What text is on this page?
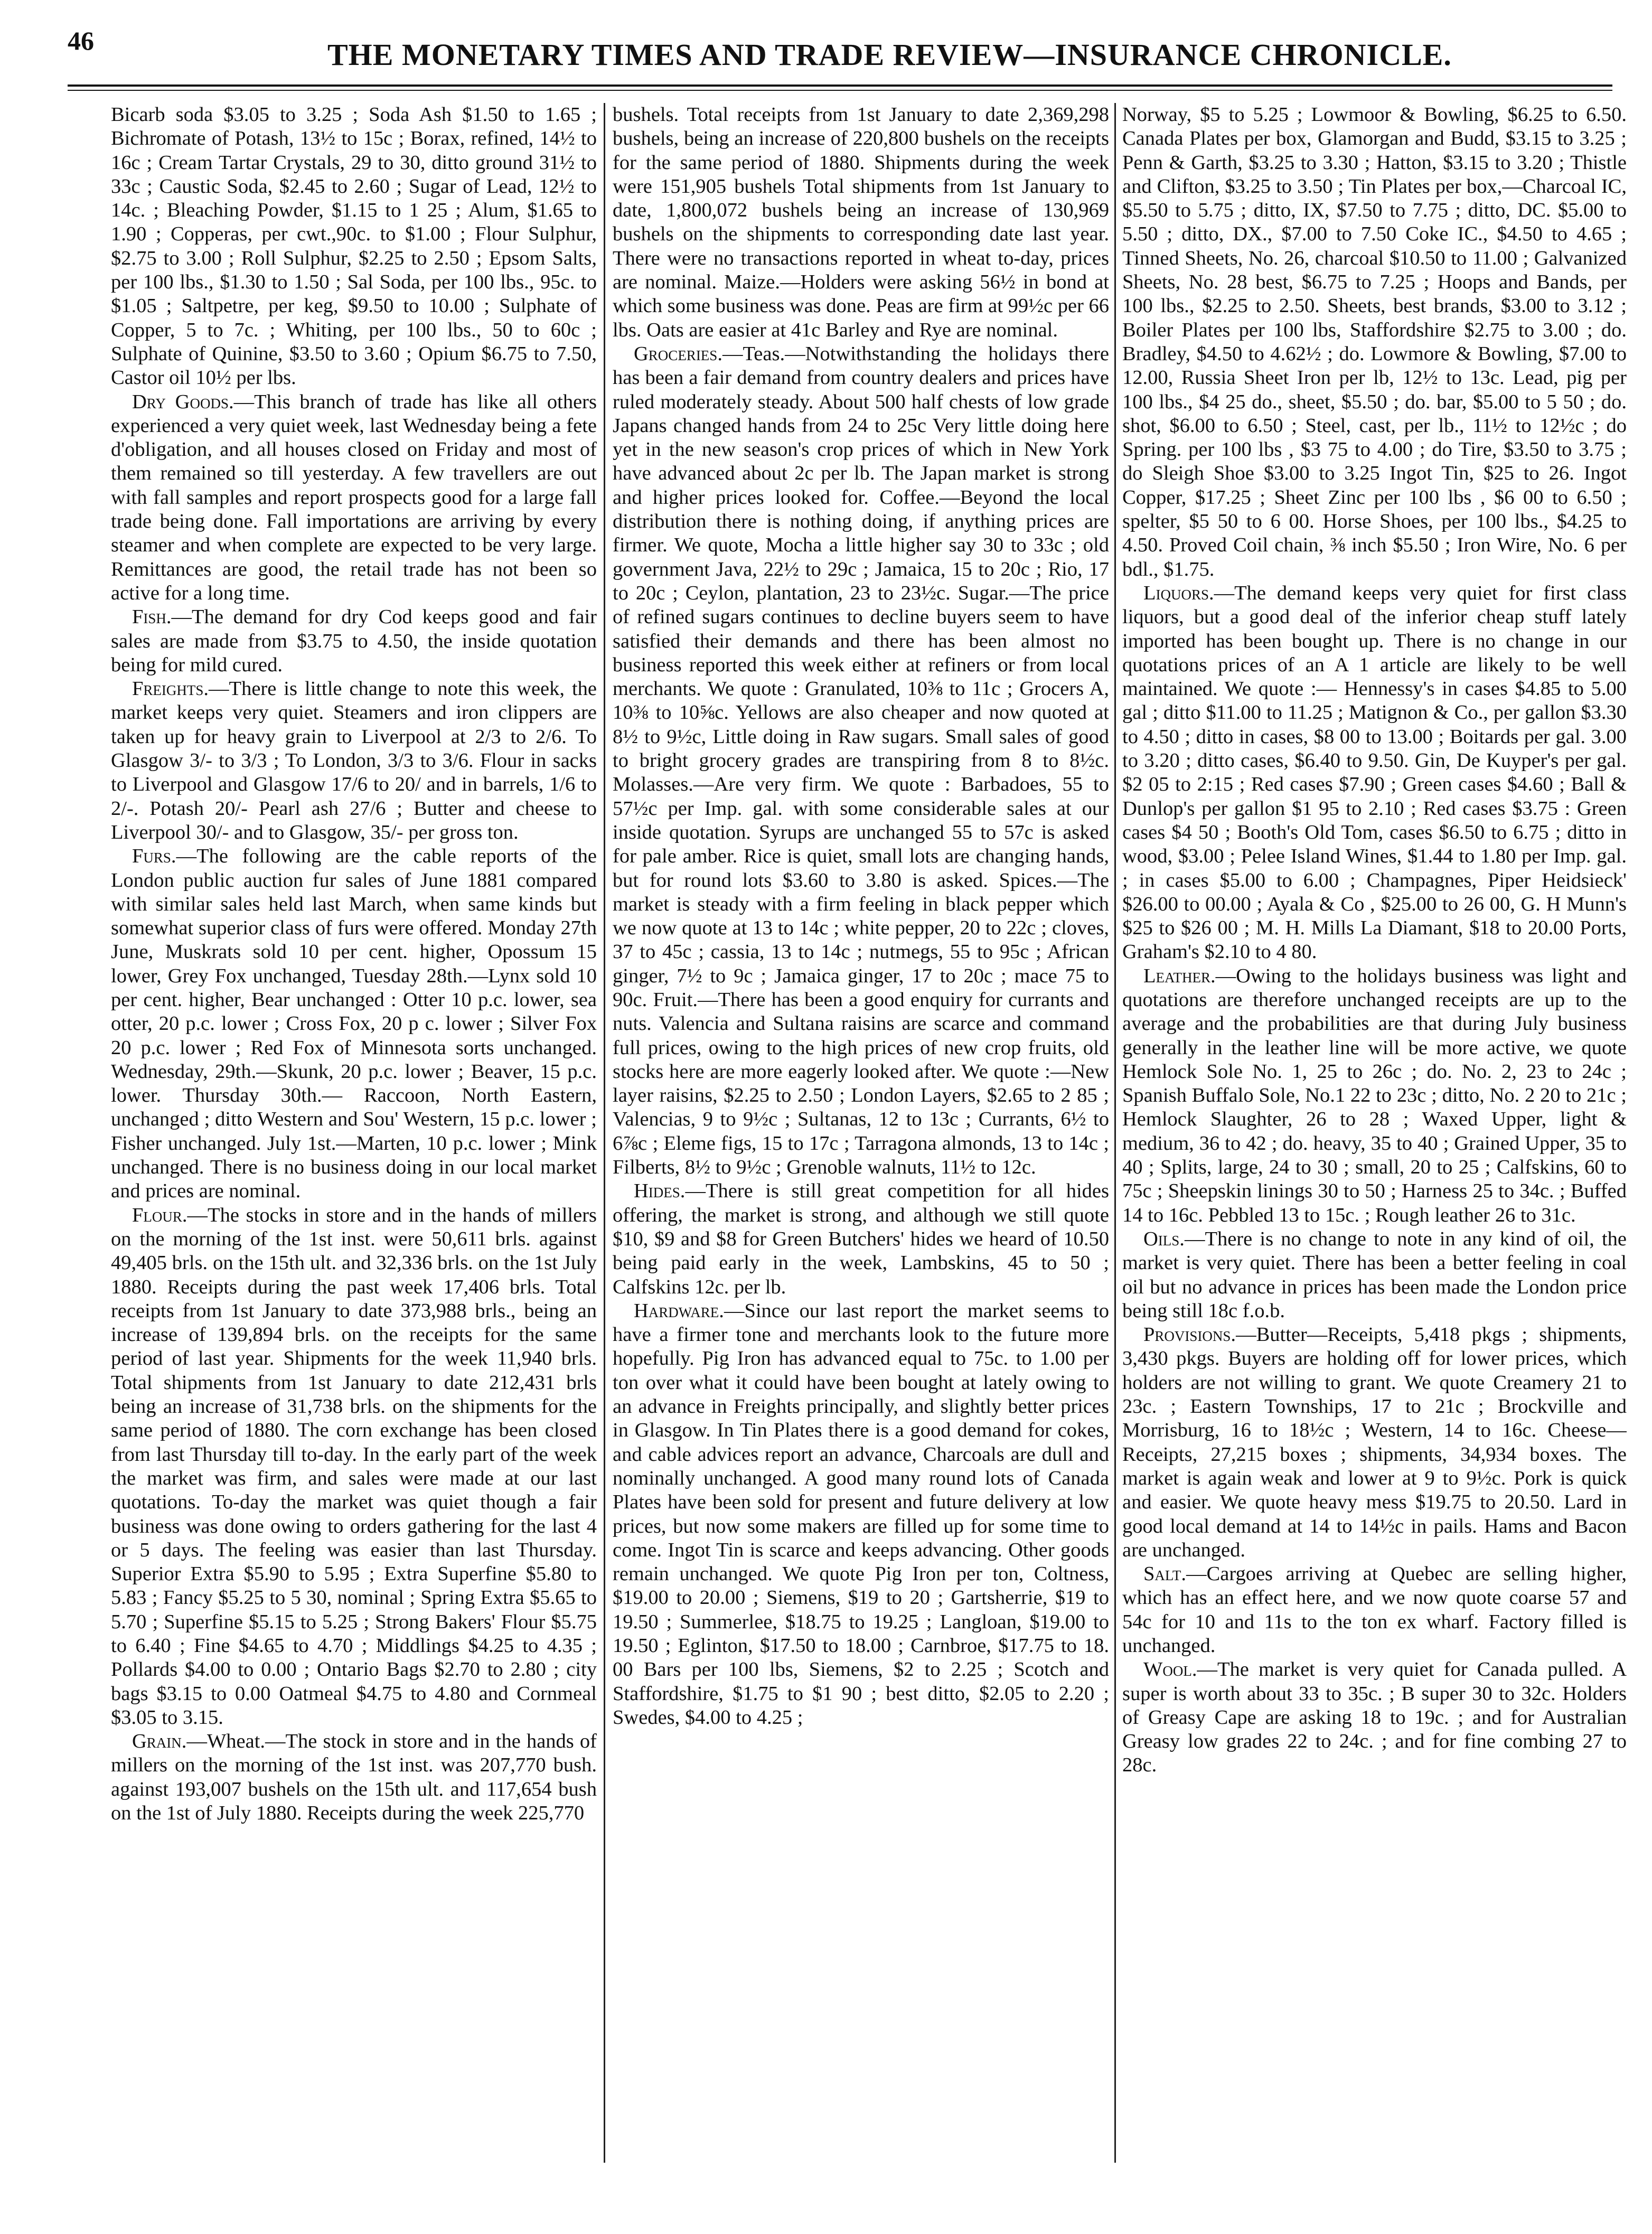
46	THE MONETARY TIMES AND TRADE REVIEW—INSURANCE CHRONICLE.

Bicarb soda $3.05 to 3.25 ; Soda Ash $1.50 to 1.65 ; Bichromate of Potash, 13½ to 15c ; Borax, refined, 14½ to 16c ; Cream Tartar Crystals, 29 to 30, ditto ground 31½ to 33c ; Caustic Soda, $2.45 to 2.60 ; Sugar of Lead, 12½ to 14c. ; Bleaching Powder, $1.15 to 1 25 ; Alum, $1.65 to 1.90 ; Copperas, per cwt.,90c. to $1.00 ; Flour Sulphur, $2.75 to 3.00 ; Roll Sulphur, $2.25 to 2.50 ; Epsom Salts, per 100 lbs., $1.30 to 1.50 ; Sal Soda, per 100 lbs., 95c. to $1.05 ; Saltpetre, per keg, $9.50 to 10.00 ; Sulphate of Copper, 5 to 7c. ; Whiting, per 100 lbs., 50 to 60c ; Sulphate of Quinine, $3.50 to 3.60 ; Opium $6.75 to 7.50, Castor oil 10½ per lbs.

Dry Goods.—This branch of trade has like all others experienced a very quiet week, last Wednesday being a fete d'obligation, and all houses closed on Friday and most of them remained so till yesterday. A few travellers are out with fall samples and report prospects good for a large fall trade being done. Fall importations are arriving by every steamer and when complete are expected to be very large. Remittances are good, the retail trade has not been so active for a long time.

Fish.—The demand for dry Cod keeps good and fair sales are made from $3.75 to 4.50, the inside quotation being for mild cured.

Freights.—There is little change to note this week, the market keeps very quiet. Steamers and iron clippers are taken up for heavy grain to Liverpool at 2/3 to 2/6. To Glasgow 3/- to 3/3 ; To London, 3/3 to 3/6. Flour in sacks to Liverpool and Glasgow 17/6 to 20/ and in barrels, 1/6 to 2/-. Potash 20/- Pearl ash 27/6 ; Butter and cheese to Liverpool 30/- and to Glasgow, 35/- per gross ton.

Furs.—The following are the cable reports of the London public auction fur sales of June 1881 compared with similar sales held last March, when same kinds but somewhat superior class of furs were offered. Monday 27th June, Muskrats sold 10 per cent. higher, Opossum 15 lower, Grey Fox unchanged, Tuesday 28th.—Lynx sold 10 per cent. higher, Bear unchanged : Otter 10 p.c. lower, sea otter, 20 p.c. lower ; Cross Fox, 20 p c. lower ; Silver Fox 20 p.c. lower ; Red Fox of Minnesota sorts unchanged. Wednesday, 29th.—Skunk, 20 p.c. lower ; Beaver, 15 p.c. lower. Thursday 30th.— Raccoon, North Eastern, unchanged ; ditto Western and Sou' Western, 15 p.c. lower ; Fisher unchanged. July 1st.—Marten, 10 p.c. lower ; Mink unchanged. There is no business doing in our local market and prices are nominal.

Flour.—The stocks in store and in the hands of millers on the morning of the 1st inst. were 50,611 brls. against 49,405 brls. on the 15th ult. and 32,336 brls. on the 1st July 1880. Receipts during the past week 17,406 brls. Total receipts from 1st January to date 373,988 brls., being an increase of 139,894 brls. on the receipts for the same period of last year. Shipments for the week 11,940 brls. Total shipments from 1st January to date 212,431 brls being an increase of 31,738 brls. on the shipments for the same period of 1880. The corn exchange has been closed from last Thursday till to-day. In the early part of the week the market was firm, and sales were made at our last quotations. To-day the market was quiet though a fair business was done owing to orders gathering for the last 4 or 5 days. The feeling was easier than last Thursday. Superior Extra $5.90 to 5.95 ; Extra Superfine $5.80 to 5.83 ; Fancy $5.25 to 5 30, nominal ; Spring Extra $5.65 to 5.70 ; Superfine $5.15 to 5.25 ; Strong Bakers' Flour $5.75 to 6.40 ; Fine $4.65 to 4.70 ; Middlings $4.25 to 4.35 ; Pollards $4.00 to 0.00 ; Ontario Bags $2.70 to 2.80 ; city bags $3.15 to 0.00 Oatmeal $4.75 to 4.80 and Cornmeal $3.05 to 3.15.

Grain.—Wheat.—The stock in store and in the hands of millers on the morning of the 1st inst. was 207,770 bush. against 193,007 bushels on the 15th ult. and 117,654 bush on the 1st of July 1880. Receipts during the week 225,770

bushels. Total receipts from 1st January to date 2,369,298 bushels, being an increase of 220,800 bushels on the receipts for the same period of 1880. Shipments during the week were 151,905 bushels Total shipments from 1st January to date, 1,800,072 bushels being an increase of 130,969 bushels on the shipments to corresponding date last year. There were no transactions reported in wheat to-day, prices are nominal. Maize.—Holders were asking 56½ in bond at which some business was done. Peas are firm at 99½c per 66 lbs. Oats are easier at 41c Barley and Rye are nominal.

Groceries.—Teas.—Notwithstanding the holidays there has been a fair demand from country dealers and prices have ruled moderately steady. About 500 half chests of low grade Japans changed hands from 24 to 25c Very little doing here yet in the new season's crop prices of which in New York have advanced about 2c per lb. The Japan market is strong and higher prices looked for. Coffee.—Beyond the local distribution there is nothing doing, if anything prices are firmer. We quote, Mocha a little higher say 30 to 33c ; old government Java, 22½ to 29c ; Jamaica, 15 to 20c ; Rio, 17 to 20c ; Ceylon, plantation, 23 to 23½c. Sugar.—The price of refined sugars continues to decline buyers seem to have satisfied their demands and there has been almost no business reported this week either at refiners or from local merchants. We quote : Granulated, 10⅜ to 11c ; Grocers A, 10⅜ to 10⅝c. Yellows are also cheaper and now quoted at 8½ to 9½c, Little doing in Raw sugars. Small sales of good to bright grocery grades are transpiring from 8 to 8½c. Molasses.—Are very firm. We quote : Barbadoes, 55 to 57½c per Imp. gal. with some considerable sales at our inside quotation. Syrups are unchanged 55 to 57c is asked for pale amber. Rice is quiet, small lots are changing hands, but for round lots $3.60 to 3.80 is asked. Spices.—The market is steady with a firm feeling in black pepper which we now quote at 13 to 14c ; white pepper, 20 to 22c ; cloves, 37 to 45c ; cassia, 13 to 14c ; nutmegs, 55 to 95c ; African ginger, 7½ to 9c ; Jamaica ginger, 17 to 20c ; mace 75 to 90c. Fruit.—There has been a good enquiry for currants and nuts. Valencia and Sultana raisins are scarce and command full prices, owing to the high prices of new crop fruits, old stocks here are more eagerly looked after. We quote :—New layer raisins, $2.25 to 2.50 ; London Layers, $2.65 to 2 85 ; Valencias, 9 to 9½c ; Sultanas, 12 to 13c ; Currants, 6½ to 6⅞c ; Eleme figs, 15 to 17c ; Tarragona almonds, 13 to 14c ; Filberts, 8½ to 9½c ; Grenoble walnuts, 11½ to 12c.

Hides.—There is still great competition for all hides offering, the market is strong, and although we still quote $10, $9 and $8 for Green Butchers' hides we heard of 10.50 being paid early in the week, Lambskins, 45 to 50 ; Calfskins 12c. per lb.

Hardware.—Since our last report the market seems to have a firmer tone and merchants look to the future more hopefully. Pig Iron has advanced equal to 75c. to 1.00 per ton over what it could have been bought at lately owing to an advance in Freights principally, and slightly better prices in Glasgow. In Tin Plates there is a good demand for cokes, and cable advices report an advance, Charcoals are dull and nominally unchanged. A good many round lots of Canada Plates have been sold for present and future delivery at low prices, but now some makers are filled up for some time to come. Ingot Tin is scarce and keeps advancing. Other goods remain unchanged. We quote Pig Iron per ton, Coltness, $19.00 to 20.00 ; Siemens, $19 to 20 ; Gartsherrie, $19 to 19.50 ; Summerlee, $18.75 to 19.25 ; Langloan, $19.00 to 19.50 ; Eglinton, $17.50 to 18.00 ; Carnbroe, $17.75 to 18. 00 Bars per 100 lbs, Siemens, $2 to 2.25 ; Scotch and Staffordshire, $1.75 to $1 90 ; best ditto, $2.05 to 2.20 ; Swedes, $4.00 to 4.25 ;

Norway, $5 to 5.25 ; Lowmoor & Bowling, $6.25 to 6.50. Canada Plates per box, Glamorgan and Budd, $3.15 to 3.25 ; Penn & Garth, $3.25 to 3.30 ; Hatton, $3.15 to 3.20 ; Thistle and Clifton, $3.25 to 3.50 ; Tin Plates per box,—Charcoal IC, $5.50 to 5.75 ; ditto, IX, $7.50 to 7.75 ; ditto, DC. $5.00 to 5.50 ; ditto, DX., $7.00 to 7.50 Coke IC., $4.50 to 4.65 ; Tinned Sheets, No. 26, charcoal $10.50 to 11.00 ; Galvanized Sheets, No. 28 best, $6.75 to 7.25 ; Hoops and Bands, per 100 lbs., $2.25 to 2.50. Sheets, best brands, $3.00 to 3.12 ; Boiler Plates per 100 lbs, Staffordshire $2.75 to 3.00 ; do. Bradley, $4.50 to 4.62½ ; do. Lowmore & Bowling, $7.00 to 12.00, Russia Sheet Iron per lb, 12½ to 13c. Lead, pig per 100 lbs., $4 25 do., sheet, $5.50 ; do. bar, $5.00 to 5 50 ; do. shot, $6.00 to 6.50 ; Steel, cast, per lb., 11½ to 12½c ; do Spring. per 100 lbs , $3 75 to 4.00 ; do Tire, $3.50 to 3.75 ; do Sleigh Shoe $3.00 to 3.25 Ingot Tin, $25 to 26. Ingot Copper, $17.25 ; Sheet Zinc per 100 lbs , $6 00 to 6.50 ; spelter, $5 50 to 6 00. Horse Shoes, per 100 lbs., $4.25 to 4.50. Proved Coil chain, ⅜ inch $5.50 ; Iron Wire, No. 6 per bdl., $1.75.

Liquors.—The demand keeps very quiet for first class liquors, but a good deal of the inferior cheap stuff lately imported has been bought up. There is no change in our quotations prices of an A 1 article are likely to be well maintained. We quote :— Hennessy's in cases $4.85 to 5.00 gal ; ditto $11.00 to 11.25 ; Matignon & Co., per gallon $3.30 to 4.50 ; ditto in cases, $8 00 to 13.00 ; Boitards per gal. 3.00 to 3.20 ; ditto cases, $6.40 to 9.50. Gin, De Kuyper's per gal. $2 05 to 2:15 ; Red cases $7.90 ; Green cases $4.60 ; Ball & Dunlop's per gallon $1 95 to 2.10 ; Red cases $3.75 : Green cases $4 50 ; Booth's Old Tom, cases $6.50 to 6.75 ; ditto in wood, $3.00 ; Pelee Island Wines, $1.44 to 1.80 per Imp. gal. ; in cases $5.00 to 6.00 ; Champagnes, Piper Heidsieck' $26.00 to 00.00 ; Ayala & Co , $25.00 to 26 00, G. H Munn's $25 to $26 00 ; M. H. Mills La Diamant, $18 to 20.00 Ports, Graham's $2.10 to 4 80.

Leather.—Owing to the holidays business was light and quotations are therefore unchanged receipts are up to the average and the probabilities are that during July business generally in the leather line will be more active, we quote Hemlock Sole No. 1, 25 to 26c ; do. No. 2, 23 to 24c ; Spanish Buffalo Sole, No.1 22 to 23c ; ditto, No. 2 20 to 21c ; Hemlock Slaughter, 26 to 28 ; Waxed Upper, light & medium, 36 to 42 ; do. heavy, 35 to 40 ; Grained Upper, 35 to 40 ; Splits, large, 24 to 30 ; small, 20 to 25 ; Calfskins, 60 to 75c ; Sheepskin linings 30 to 50 ; Harness 25 to 34c. ; Buffed 14 to 16c. Pebbled 13 to 15c. ; Rough leather 26 to 31c.

Oils.—There is no change to note in any kind of oil, the market is very quiet. There has been a better feeling in coal oil but no advance in prices has been made the London price being still 18c f.o.b.

Provisions.—Butter—Receipts, 5,418 pkgs ; shipments, 3,430 pkgs. Buyers are holding off for lower prices, which holders are not willing to grant. We quote Creamery 21 to 23c. ; Eastern Townships, 17 to 21c ; Brockville and Morrisburg, 16 to 18½c ; Western, 14 to 16c. Cheese—Receipts, 27,215 boxes ; shipments, 34,934 boxes. The market is again weak and lower at 9 to 9½c. Pork is quick and easier. We quote heavy mess $19.75 to 20.50. Lard in good local demand at 14 to 14½c in pails. Hams and Bacon are unchanged.

Salt.—Cargoes arriving at Quebec are selling higher, which has an effect here, and we now quote coarse 57 and 54c for 10 and 11s to the ton ex wharf. Factory filled is unchanged.

Wool.—The market is very quiet for Canada pulled. A super is worth about 33 to 35c. ; B super 30 to 32c. Holders of Greasy Cape are asking 18 to 19c. ; and for Australian Greasy low grades 22 to 24c. ; and for fine combing 27 to 28c.
